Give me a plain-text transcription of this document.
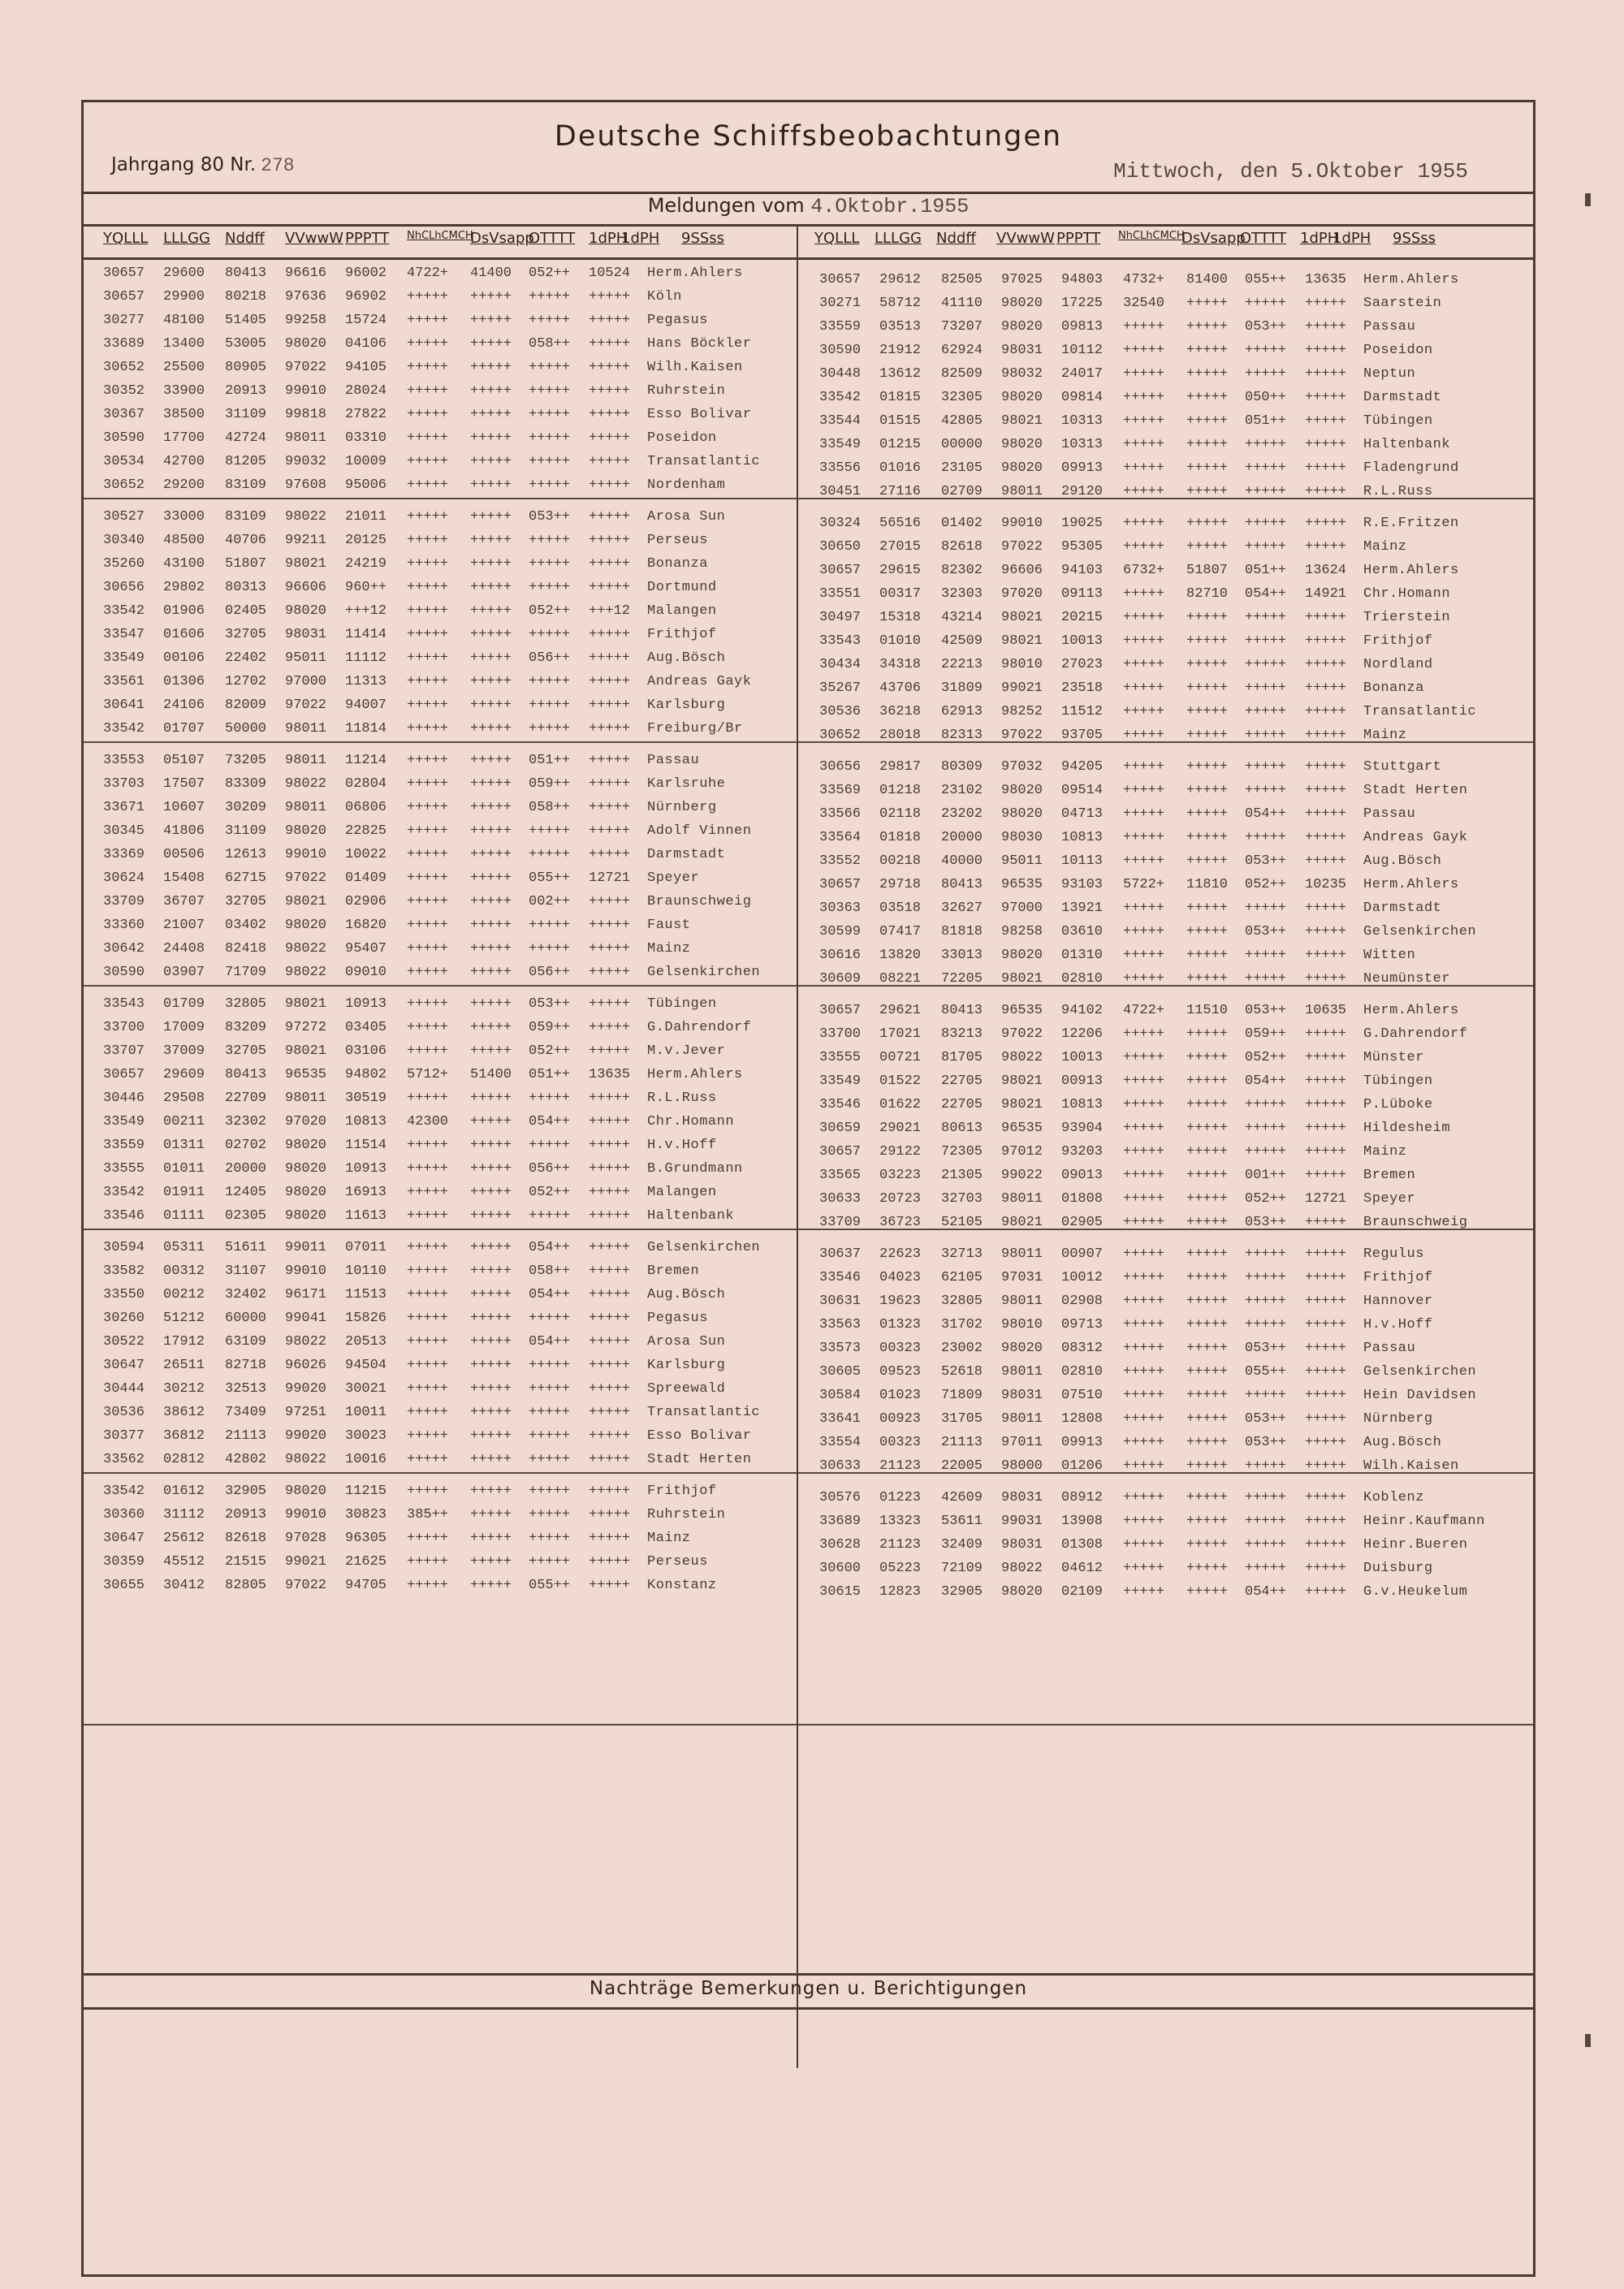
Deutsche Schiffsbeobachtungen
Jahrgang 80 Nr. 278	Mittwoch, den 5.Oktober 1955
Meldungen vom 4.Oktobr.1955
YQLLL LLLGG Nddff VVwwW PPPTT NhCLhCMCH
DsVsapp
OTTTT 1dPH
1dPH 9SSss	YQLLL LLLGG Nddff VVwwW PPPTT NhCLhCMCH
DsVsapp
OTTTT 1dPH
1dPH 9SSss
30657 29600 80413 96616 96002 4722+ 41400 052++ 10524 Herm.Ahlers
30657 29900 80218 97636 96902 +++++ +++++ +++++ +++++ Köln
30277 48100 51405 99258 15724 +++++ +++++ +++++ +++++ Pegasus
33689 13400 53005 98020 04106 +++++ +++++ 058++ +++++ Hans Böckler
30652 25500 80905 97022 94105 +++++ +++++ +++++ +++++ Wilh.Kaisen
30352 33900 20913 99010 28024 +++++ +++++ +++++ +++++ Ruhrstein
30367 38500 31109 99818 27822 +++++ +++++ +++++ +++++ Esso Bolivar
30590 17700 42724 98011 03310 +++++ +++++ +++++ +++++ Poseidon
30534 42700 81205 99032 10009 +++++ +++++ +++++ +++++ Transatlantic
30652 29200 83109 97608 95006 +++++ +++++ +++++ +++++ Nordenham
30527 33000 83109 98022 21011 +++++ +++++ 053++ +++++ Arosa Sun
30340 48500 40706 99211 20125 +++++ +++++ +++++ +++++ Perseus
35260 43100 51807 98021 24219 +++++ +++++ +++++ +++++ Bonanza
30656 29802 80313 96606 960++ +++++ +++++ +++++ +++++ Dortmund
33542 01906 02405 98020 +++12 +++++ +++++ 052++ +++12 Malangen
33547 01606 32705 98031 11414 +++++ +++++ +++++ +++++ Frithjof
33549 00106 22402 95011 11112 +++++ +++++ 056++ +++++ Aug.Bösch
33561 01306 12702 97000 11313 +++++ +++++ +++++ +++++ Andreas Gayk
30641 24106 82009 97022 94007 +++++ +++++ +++++ +++++ Karlsburg
33542 01707 50000 98011 11814 +++++ +++++ +++++ +++++ Freiburg/Br
33553 05107 73205 98011 11214 +++++ +++++ 051++ +++++ Passau
33703 17507 83309 98022 02804 +++++ +++++ 059++ +++++ Karlsruhe
33671 10607 30209 98011 06806 +++++ +++++ 058++ +++++ Nürnberg
30345 41806 31109 98020 22825 +++++ +++++ +++++ +++++ Adolf Vinnen
33369 00506 12613 99010 10022 +++++ +++++ +++++ +++++ Darmstadt
30624 15408 62715 97022 01409 +++++ +++++ 055++ 12721 Speyer
33709 36707 32705 98021 02906 +++++ +++++ 002++ +++++ Braunschweig
33360 21007 03402 98020 16820 +++++ +++++ +++++ +++++ Faust
30642 24408 82418 98022 95407 +++++ +++++ +++++ +++++ Mainz
30590 03907 71709 98022 09010 +++++ +++++ 056++ +++++ Gelsenkirchen
33543 01709 32805 98021 10913 +++++ +++++ 053++ +++++ Tübingen
33700 17009 83209 97272 03405 +++++ +++++ 059++ +++++ G.Dahrendorf
33707 37009 32705 98021 03106 +++++ +++++ 052++ +++++ M.v.Jever
30657 29609 80413 96535 94802 5712+ 51400 051++ 13635 Herm.Ahlers
30446 29508 22709 98011 30519 +++++ +++++ +++++ +++++ R.L.Russ
33549 00211 32302 97020 10813 42300 +++++ 054++ +++++ Chr.Homann
33559 01311 02702 98020 11514 +++++ +++++ +++++ +++++ H.v.Hoff
33555 01011 20000 98020 10913 +++++ +++++ 056++ +++++ B.Grundmann
33542 01911 12405 98020 16913 +++++ +++++ 052++ +++++ Malangen
33546 01111 02305 98020 11613 +++++ +++++ +++++ +++++ Haltenbank
30594 05311 51611 99011 07011 +++++ +++++ 054++ +++++ Gelsenkirchen
33582 00312 31107 99010 10110 +++++ +++++ 058++ +++++ Bremen
33550 00212 32402 96171 11513 +++++ +++++ 054++ +++++ Aug.Bösch
30260 51212 60000 99041 15826 +++++ +++++ +++++ +++++ Pegasus
30522 17912 63109 98022 20513 +++++ +++++ 054++ +++++ Arosa Sun
30647 26511 82718 96026 94504 +++++ +++++ +++++ +++++ Karlsburg
30444 30212 32513 99020 30021 +++++ +++++ +++++ +++++ Spreewald
30536 38612 73409 97251 10011 +++++ +++++ +++++ +++++ Transatlantic
30377 36812 21113 99020 30023 +++++ +++++ +++++ +++++ Esso Bolivar
33562 02812 42802 98022 10016 +++++ +++++ +++++ +++++ Stadt Herten
33542 01612 32905 98020 11215 +++++ +++++ +++++ +++++ Frithjof
30360 31112 20913 99010 30823 385++ +++++ +++++ +++++ Ruhrstein
30647 25612 82618 97028 96305 +++++ +++++ +++++ +++++ Mainz
30359 45512 21515 99021 21625 +++++ +++++ +++++ +++++ Perseus
30655 30412 82805 97022 94705 +++++ +++++ 055++ +++++ Konstanz
30657 29612 82505 97025 94803 4732+ 81400 055++ 13635 Herm.Ahlers
30271 58712 41110 98020 17225 32540 +++++ +++++ +++++ Saarstein
33559 03513 73207 98020 09813 +++++ +++++ 053++ +++++ Passau
30590 21912 62924 98031 10112 +++++ +++++ +++++ +++++ Poseidon
30448 13612 82509 98032 24017 +++++ +++++ +++++ +++++ Neptun
33542 01815 32305 98020 09814 +++++ +++++ 050++ +++++ Darmstadt
33544 01515 42805 98021 10313 +++++ +++++ 051++ +++++ Tübingen
33549 01215 00000 98020 10313 +++++ +++++ +++++ +++++ Haltenbank
33556 01016 23105 98020 09913 +++++ +++++ +++++ +++++ Fladengrund
30451 27116 02709 98011 29120 +++++ +++++ +++++ +++++ R.L.Russ
30324 56516 01402 99010 19025 +++++ +++++ +++++ +++++ R.E.Fritzen
30650 27015 82618 97022 95305 +++++ +++++ +++++ +++++ Mainz
30657 29615 82302 96606 94103 6732+ 51807 051++ 13624 Herm.Ahlers
33551 00317 32303 97020 09113 +++++ 82710 054++ 14921 Chr.Homann
30497 15318 43214 98021 20215 +++++ +++++ +++++ +++++ Trierstein
33543 01010 42509 98021 10013 +++++ +++++ +++++ +++++ Frithjof
30434 34318 22213 98010 27023 +++++ +++++ +++++ +++++ Nordland
35267 43706 31809 99021 23518 +++++ +++++ +++++ +++++ Bonanza
30536 36218 62913 98252 11512 +++++ +++++ +++++ +++++ Transatlantic
30652 28018 82313 97022 93705 +++++ +++++ +++++ +++++ Mainz
30656 29817 80309 97032 94205 +++++ +++++ +++++ +++++ Stuttgart
33569 01218 23102 98020 09514 +++++ +++++ +++++ +++++ Stadt Herten
33566 02118 23202 98020 04713 +++++ +++++ 054++ +++++ Passau
33564 01818 20000 98030 10813 +++++ +++++ +++++ +++++ Andreas Gayk
33552 00218 40000 95011 10113 +++++ +++++ 053++ +++++ Aug.Bösch
30657 29718 80413 96535 93103 5722+ 11810 052++ 10235 Herm.Ahlers
30363 03518 32627 97000 13921 +++++ +++++ +++++ +++++ Darmstadt
30599 07417 81818 98258 03610 +++++ +++++ 053++ +++++ Gelsenkirchen
30616 13820 33013 98020 01310 +++++ +++++ +++++ +++++ Witten
30609 08221 72205 98021 02810 +++++ +++++ +++++ +++++ Neumünster
30657 29621 80413 96535 94102 4722+ 11510 053++ 10635 Herm.Ahlers
33700 17021 83213 97022 12206 +++++ +++++ 059++ +++++ G.Dahrendorf
33555 00721 81705 98022 10013 +++++ +++++ 052++ +++++ Münster
33549 01522 22705 98021 00913 +++++ +++++ 054++ +++++ Tübingen
33546 01622 22705 98021 10813 +++++ +++++ +++++ +++++ P.Lüboke
30659 29021 80613 96535 93904 +++++ +++++ +++++ +++++ Hildesheim
30657 29122 72305 97012 93203 +++++ +++++ +++++ +++++ Mainz
33565 03223 21305 99022 09013 +++++ +++++ 001++ +++++ Bremen
30633 20723 32703 98011 01808 +++++ +++++ 052++ 12721 Speyer
33709 36723 52105 98021 02905 +++++ +++++ 053++ +++++ Braunschweig
30637 22623 32713 98011 00907 +++++ +++++ +++++ +++++ Regulus
33546 04023 62105 97031 10012 +++++ +++++ +++++ +++++ Frithjof
30631 19623 32805 98011 02908 +++++ +++++ +++++ +++++ Hannover
33563 01323 31702 98010 09713 +++++ +++++ +++++ +++++ H.v.Hoff
33573 00323 23002 98020 08312 +++++ +++++ 053++ +++++ Passau
30605 09523 52618 98011 02810 +++++ +++++ 055++ +++++ Gelsenkirchen
30584 01023 71809 98031 07510 +++++ +++++ +++++ +++++ Hein Davidsen
33641 00923 31705 98011 12808 +++++ +++++ 053++ +++++ Nürnberg
33554 00323 21113 97011 09913 +++++ +++++ 053++ +++++ Aug.Bösch
30633 21123 22005 98000 01206 +++++ +++++ +++++ +++++ Wilh.Kaisen
30576 01223 42609 98031 08912 +++++ +++++ +++++ +++++ Koblenz
33689 13323 53611 99031 13908 +++++ +++++ +++++ +++++ Heinr.Kaufmann
30628 21123 32409 98031 01308 +++++ +++++ +++++ +++++ Heinr.Bueren
30600 05223 72109 98022 04612 +++++ +++++ +++++ +++++ Duisburg
30615 12823 32905 98020 02109 +++++ +++++ 054++ +++++ G.v.Heukelum
Nachträge Bemerkungen u. Berichtigungen
